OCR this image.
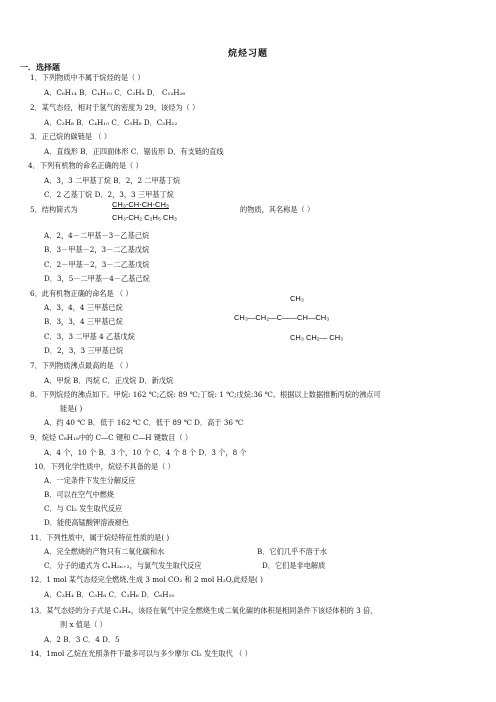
烷烃习题
一．选择题
1．下列物质中不属于烷烃的是（ ）
A．C₆H₁₄ B．C₄H₁₀ C．C₃H₈ D． C₁₂H₂₆
2．某气态烃，相对于氢气的密度为 29，该烃为（ ）
A．C₃H₈ B．C₄H₁₀ C．C₅H₈ D．C₃H₁₂
3．正己烷的碳链是 （ ）
A．直线形 B．正四面体形 C．锯齿形 D．有支链的直线
4．下列有机物的命名正确的是（ ）
A．3，3 二甲基丁烷 B．2，2 二甲基丁烷
C．2 乙基丁烷 D．2，3，3 三甲基丁烷
5．结构简式为
CH₃-CH-CH-CH₃
CH₃-CH₂ C₂H₅ CH₃
的物质，其名称是（ ）
A．2，4－二甲基－3－乙基己烷
B．3－甲基－2，3－二乙基戊烷
C．2－甲基－2，3－二乙基戊烷
D．3，5－二甲基－4－乙基己烷
6．此有机物正确的命名是 （ ）
A．3，4，4 三甲基已烷
B．3，3，4 三甲基已烷
C．3，3 二甲基 4 乙基戊烷
D．2，3，3 三甲基已烷
CH₃
CH₃—CH₂—C——CH—CH₃
CH₃ CH₂— CH₃
7．下列物质沸点最高的是 （ ）
A．甲烷 B．丙烷 C．正戊烷 D．新戊烷
8．下列烷烃的沸点如下。甲烷: 162 ℃;乙烷: 89 ℃;丁烷: 1 ℃;戊烷:36 ℃。根据以上数据推断丙烷的沸点可
能是( )
A．约 40 ℃ B．低于 162 ℃ C．低于 89 ℃ D．高于 36 ℃
9．烷烃 C₈H₁₈中的 C—C 键和 C—H 键数目（ ）
A．4 个，10 个 B．3 个，10 个 C．4 个 8 个 D．3 个，8 个
10．下列化学性质中，烷烃不具备的是（ ）
A．一定条件下发生分解反应
B．可以在空气中燃烧
C．与 Cl₂ 发生取代反应
D．能使高锰酸钾溶液褪色
11．下列性质中，属于烷烃特征性质的是( )
A．完全燃烧的产物只有二氧化碳和水	B．它们几乎不溶于水
C．分子的通式为 CₙH₂ₙ₊₂，与氯气发生取代反应	D．它们是非电解质
12．1 mol 某气态烃完全燃烧,生成 3 mol CO₂ 和 2 mol H₂O,此烃是( )
A．C₃H₄ B．C₃H₈ C．C₃H₆ D．C₆H₁₀
13．某气态烃的分子式是 C₃Hₓ，该烃在氧气中完全燃烧生成二氧化碳的体积是相同条件下该烃体积的 3 倍，
则 x 值是（ ）
A．2 B．3 C．4 D．5
14．1mol 乙烷在光照条件下最多可以与多少摩尔 Cl₂ 发生取代 （ ）
